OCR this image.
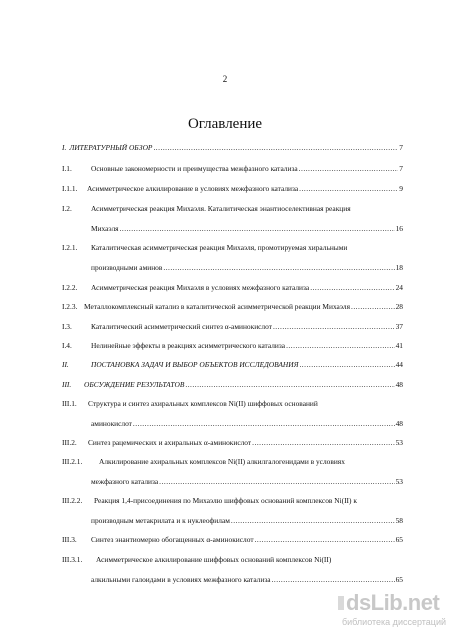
2
Оглавление
I. ЛИТЕРАТУРНЫЙ ОБЗОР .....	7
I.1.	Основные закономерности и преимущества межфазного катализа .....	7
I.1.1. Асимметрическое алкилирование в условиях межфазного катализа .....	9
I.2.	Асимметрическая реакция Михаэля. Каталитическая энантиоселективная реакция
Михаэля .....	16
I.2.1. Каталитическая асимметрическая реакция Михаэля, промотируемая хиральными
производными аминов .....	18
I.2.2. Асимметрическая реакция Михаэля в условиях межфазного катализа .....	24
I.2.3. Металлокомплексный катализ в каталитической асимметрической реакции Михаэля .....	28
I.3.	Каталитический асимметрический синтез α-аминокислот .....	37
I.4.	Нелинейные эффекты в реакциях асимметрического катализа .....	41
II.	ПОСТАНОВКА ЗАДАЧ И ВЫБОР ОБЪЕКТОВ ИССЛЕДОВАНИЯ .....	44
III. ОБСУЖДЕНИЕ РЕЗУЛЬТАТОВ .....	48
III.1. Структура и синтез ахиральных комплексов Ni(II) шиффовых оснований
аминокислот .....	48
III.2. Синтез рацемических и ахиральных α-аминокислот .....	53
III.2.1. Алкилирование ахиральных комплексов Ni(II) алкилгалогенидами в условиях
межфазного катализа .....	53
III.2.2. Реакция 1,4-присоединения по Михаэлю шиффовых оснований комплексов Ni(II) к
производным метакрилата и к нуклеофилам .....	58
III.3. Синтез энантиомерно обогащенных α-аминокислот .....	65
III.3.1. Асимметрическое алкилирование шиффовых оснований комплексов Ni(II)
алкильными галоидами в условиях межфазного катализа .....	65
dsLib.net
библиотека диссертаций
